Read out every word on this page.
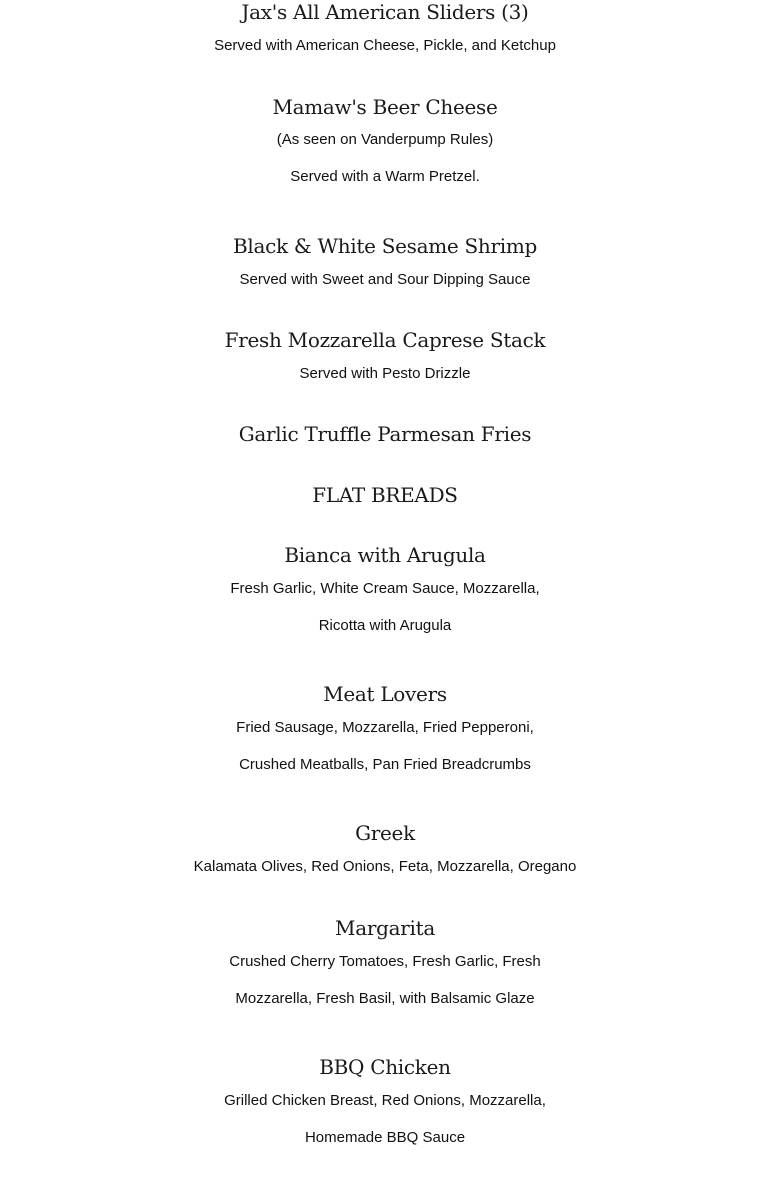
Jax's All American Sliders (3)
Served with American Cheese, Pickle, and Ketchup
Mamaw's Beer Cheese
(As seen on Vanderpump Rules)
Served with a Warm Pretzel.
Black & White Sesame Shrimp
Served with Sweet and Sour Dipping Sauce
Fresh Mozzarella Caprese Stack
Served with Pesto Drizzle
Garlic Truffle Parmesan Fries
FLAT BREADS
Bianca with Arugula
Fresh Garlic, White Cream Sauce, Mozzarella,
Ricotta with Arugula
Meat Lovers
Fried Sausage, Mozzarella, Fried Pepperoni,
Crushed Meatballs, Pan Fried Breadcrumbs
Greek
Kalamata Olives, Red Onions, Feta, Mozzarella, Oregano
Margarita
Crushed Cherry Tomatoes, Fresh Garlic, Fresh
Mozzarella, Fresh Basil, with Balsamic Glaze
BBQ Chicken
Grilled Chicken Breast, Red Onions, Mozzarella,
Homemade BBQ Sauce
